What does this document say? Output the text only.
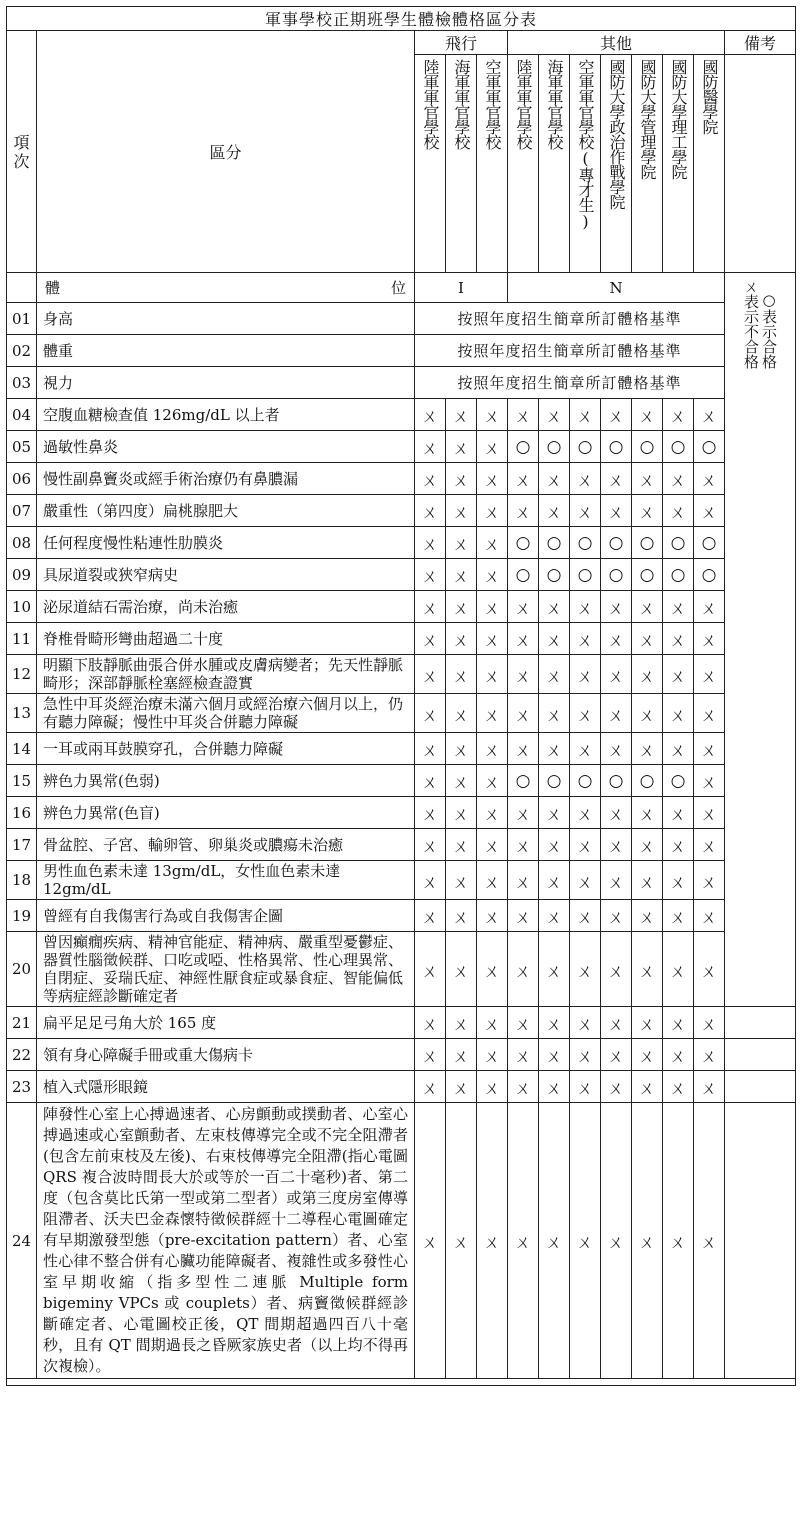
軍事學校正期班學生體檢體格區分表												

項次	區分	飛行			其他							備考
		陸軍軍官學校	海軍軍官學校	空軍軍官學校	陸軍軍官學校	海軍軍官學校	空軍軍官學校(專才生)	國防大學政治作戰學院	國防大學管理學院	國防大學理工學院	國防醫學院	

	體 位	I			N							ㄨ表示不合格○表示合格
01	身高	按照年度招生簡章所訂體格基準										
02	體重	按照年度招生簡章所訂體格基準										
03	視力	按照年度招生簡章所訂體格基準										
04	空腹血糖檢查值 126mg/dL 以上者	ㄨ	ㄨ	ㄨ	ㄨ	ㄨ	ㄨ	ㄨ	ㄨ	ㄨ	ㄨ	
05	過敏性鼻炎	ㄨ	ㄨ	ㄨ	○	○	○	○	○	○	○	
06	慢性副鼻竇炎或經手術治療仍有鼻膿漏	ㄨ	ㄨ	ㄨ	ㄨ	ㄨ	ㄨ	ㄨ	ㄨ	ㄨ	ㄨ	
07	嚴重性（第四度）扁桃腺肥大	ㄨ	ㄨ	ㄨ	ㄨ	ㄨ	ㄨ	ㄨ	ㄨ	ㄨ	ㄨ	
08	任何程度慢性粘連性肋膜炎	ㄨ	ㄨ	ㄨ	○	○	○	○	○	○	○	
09	具尿道裂或狹窄病史	ㄨ	ㄨ	ㄨ	○	○	○	○	○	○	○	
10	泌尿道結石需治療，尚未治癒	ㄨ	ㄨ	ㄨ	ㄨ	ㄨ	ㄨ	ㄨ	ㄨ	ㄨ	ㄨ	
11	脊椎骨畸形彎曲超過二十度	ㄨ	ㄨ	ㄨ	ㄨ	ㄨ	ㄨ	ㄨ	ㄨ	ㄨ	ㄨ	
12	明顯下肢靜脈曲張合併水腫或皮膚病變者；先天性靜脈畸形；深部靜脈栓塞經檢查證實	ㄨ	ㄨ	ㄨ	ㄨ	ㄨ	ㄨ	ㄨ	ㄨ	ㄨ	ㄨ	
13	急性中耳炎經治療未滿六個月或經治療六個月以上，仍有聽力障礙；慢性中耳炎合併聽力障礙	ㄨ	ㄨ	ㄨ	ㄨ	ㄨ	ㄨ	ㄨ	ㄨ	ㄨ	ㄨ	
14	一耳或兩耳鼓膜穿孔，合併聽力障礙	ㄨ	ㄨ	ㄨ	ㄨ	ㄨ	ㄨ	ㄨ	ㄨ	ㄨ	ㄨ	
15	辨色力異常(色弱)	ㄨ	ㄨ	ㄨ	○	○	○	○	○	○	ㄨ	
16	辨色力異常(色盲)	ㄨ	ㄨ	ㄨ	ㄨ	ㄨ	ㄨ	ㄨ	ㄨ	ㄨ	ㄨ	
17	骨盆腔、子宮、輸卵管、卵巢炎或膿瘍未治癒	ㄨ	ㄨ	ㄨ	ㄨ	ㄨ	ㄨ	ㄨ	ㄨ	ㄨ	ㄨ	
18	男性血色素未達 13gm/dL，女性血色素未達 12gm/dL	ㄨ	ㄨ	ㄨ	ㄨ	ㄨ	ㄨ	ㄨ	ㄨ	ㄨ	ㄨ	
19	曾經有自我傷害行為或自我傷害企圖	ㄨ	ㄨ	ㄨ	ㄨ	ㄨ	ㄨ	ㄨ	ㄨ	ㄨ	ㄨ	
20	曾因癲癇疾病、精神官能症、精神病、嚴重型憂鬱症、器質性腦徵候群、口吃或啞、性格異常、性心理異常、自閉症、妥瑞氏症、神經性厭食症或暴食症、智能偏低等病症經診斷確定者	ㄨ	ㄨ	ㄨ	ㄨ	ㄨ	ㄨ	ㄨ	ㄨ	ㄨ	ㄨ	
21	扁平足足弓角大於 165 度	ㄨ	ㄨ	ㄨ	ㄨ	ㄨ	ㄨ	ㄨ	ㄨ	ㄨ	ㄨ	
22	領有身心障礙手冊或重大傷病卡	ㄨ	ㄨ	ㄨ	ㄨ	ㄨ	ㄨ	ㄨ	ㄨ	ㄨ	ㄨ	
23	植入式隱形眼鏡	ㄨ	ㄨ	ㄨ	ㄨ	ㄨ	ㄨ	ㄨ	ㄨ	ㄨ	ㄨ	
24	陣發性心室上心搏過速者、心房顫動或撲動者、心室心搏過速或心室顫動者、左束枝傳導完全或不完全阻滯者(包含左前束枝及左後)、右束枝傳導完全阻滯(指心電圖 QRS 複合波時間長大於或等於一百二十毫秒)者、第二度（包含莫比氏第一型或第二型者）或第三度房室傳導阻滯者、沃夫巴金森懷特徵候群經十二導程心電圖確定有早期激發型態（pre-excitation pattern）者、心室性心律不整合併有心臟功能障礙者、複雜性或多發性心室早期收縮（指多型性二連脈 Multiple form bigeminy VPCs 或 couplets）者、病竇徵候群經診斷確定者、心電圖校正後，QT 間期超過四百八十毫秒，且有 QT 間期過長之昏厥家族史者（以上均不得再次複檢）。	ㄨ	ㄨ	ㄨ	ㄨ	ㄨ	ㄨ	ㄨ	ㄨ	ㄨ	ㄨ	
